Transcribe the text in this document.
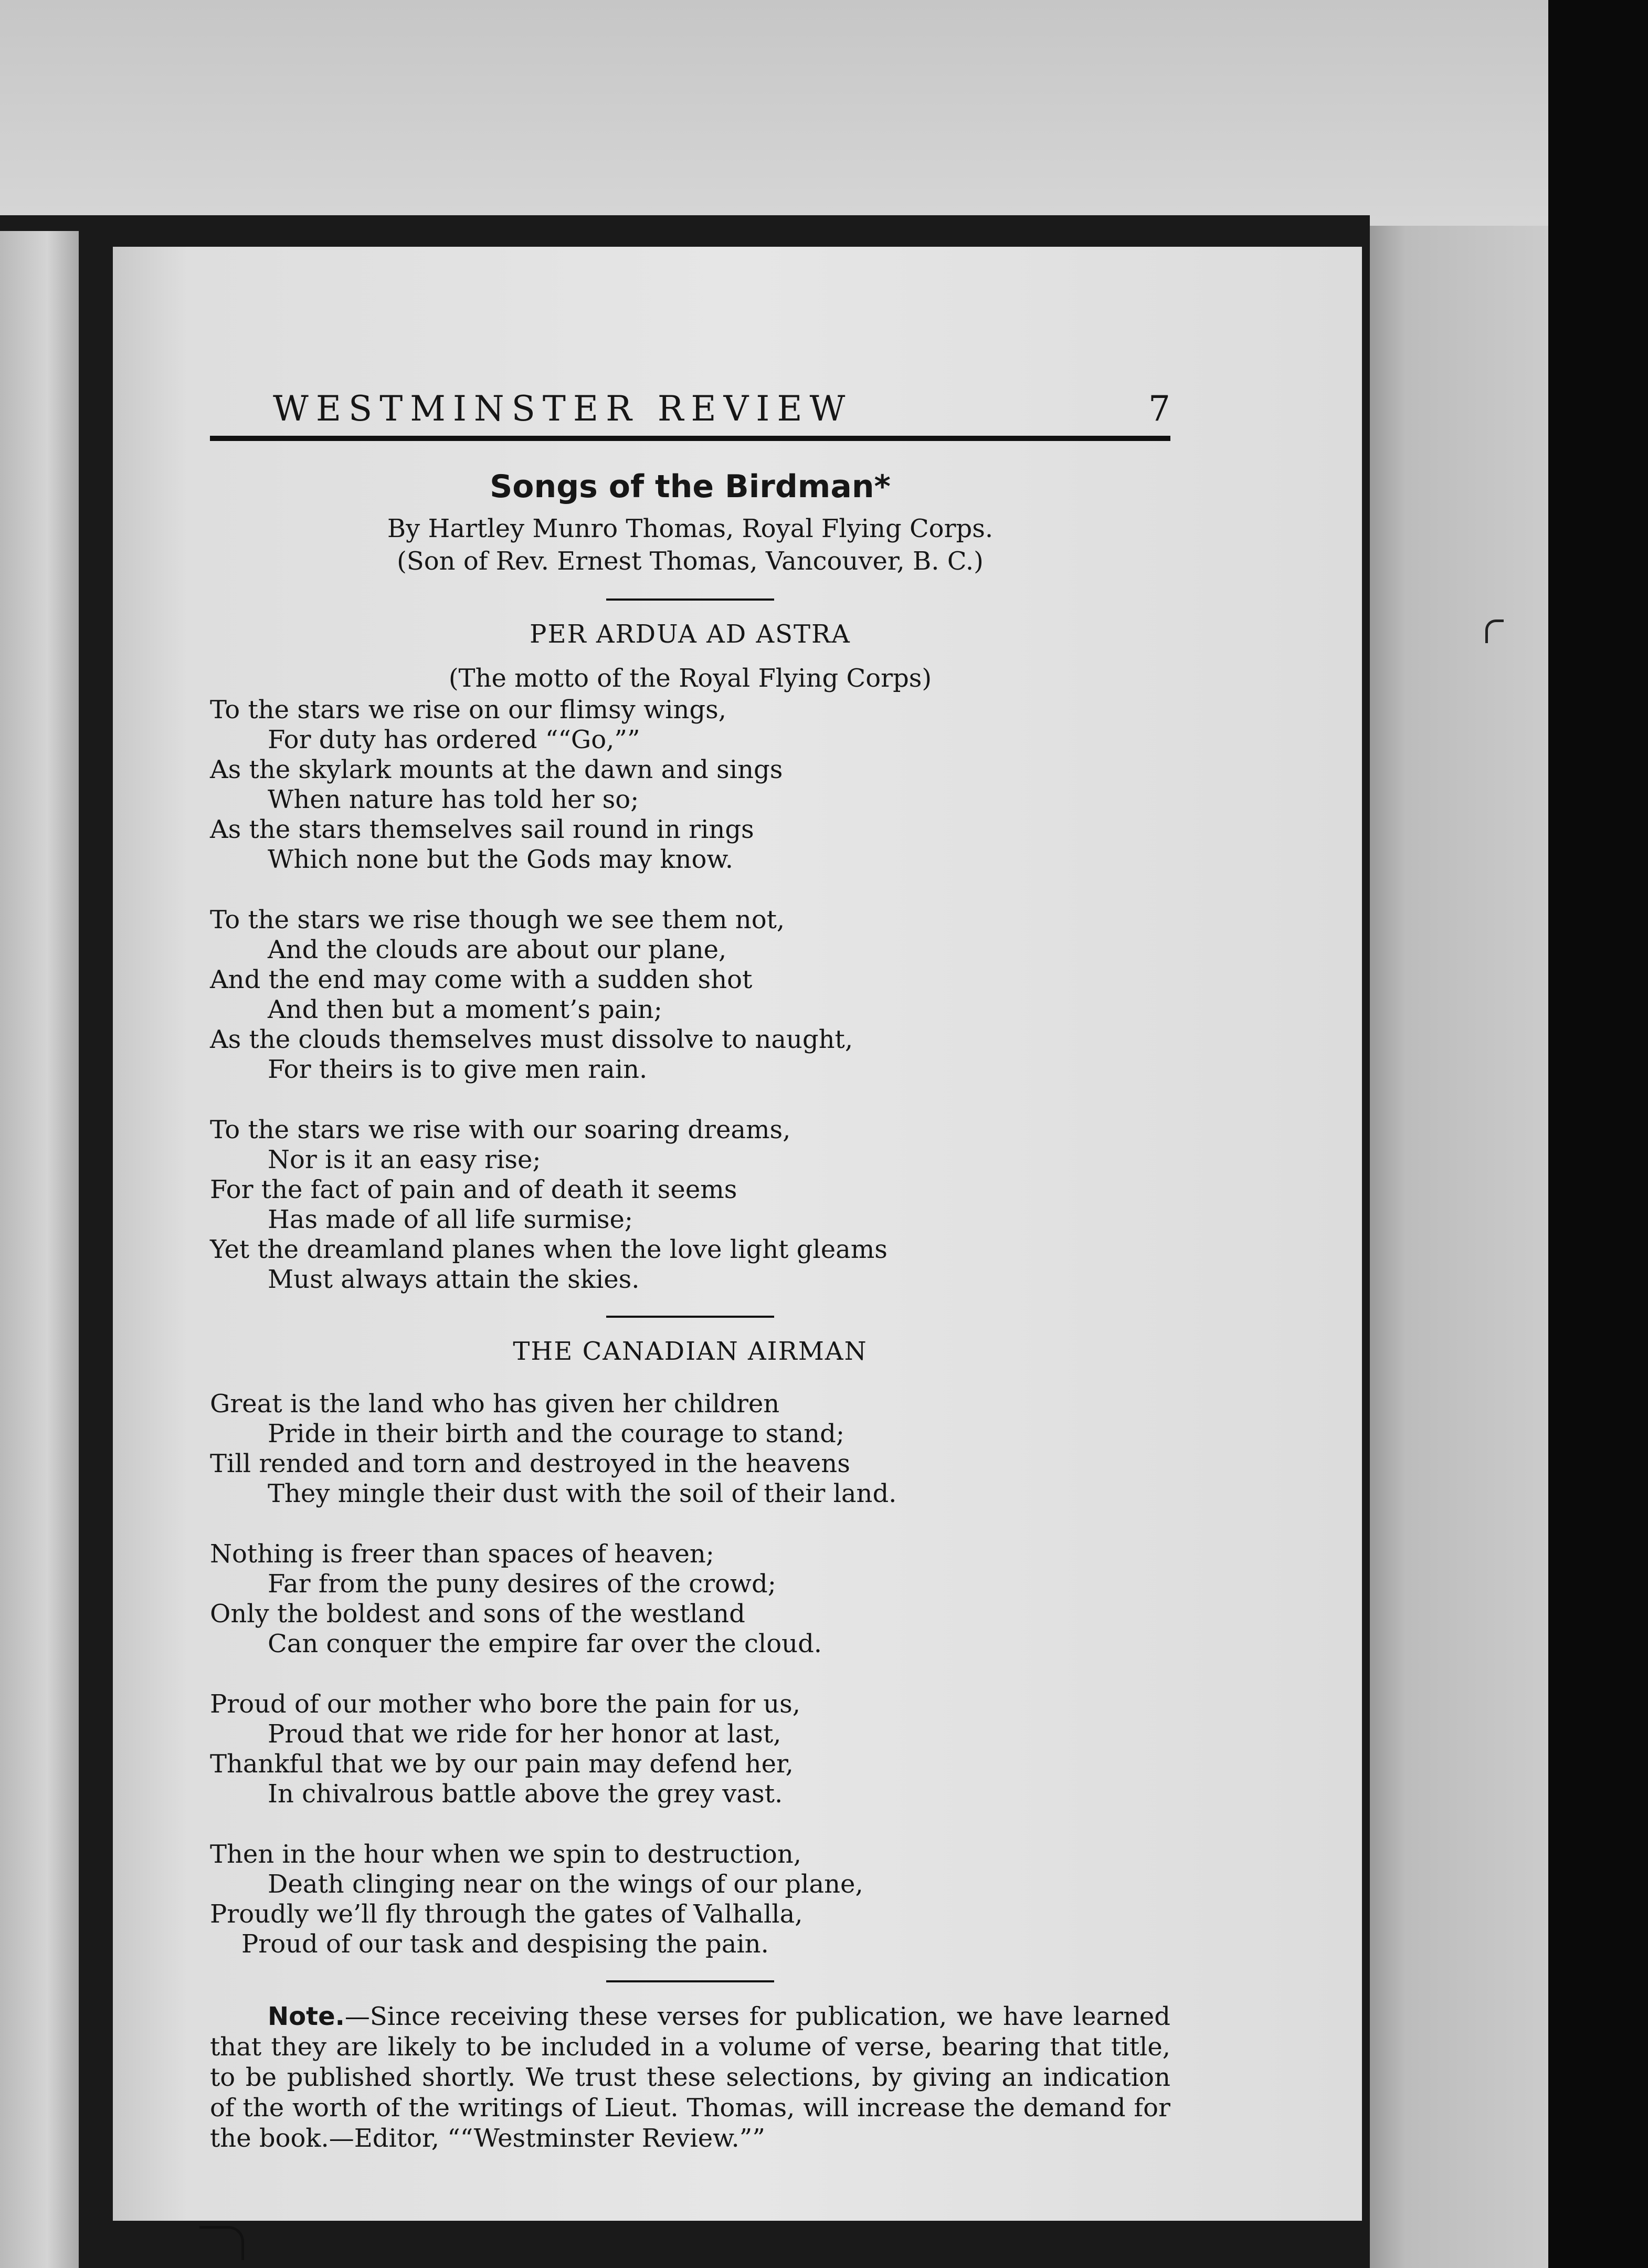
WESTMINSTER REVIEW	7
Songs of the Birdman*
By Hartley Munro Thomas, Royal Flying Corps.
(Son of Rev. Ernest Thomas, Vancouver, B. C.)
PER ARDUA AD ASTRA
(The motto of the Royal Flying Corps)
To the stars we rise on our flimsy wings,
For duty has ordered ““Go,””
As the skylark mounts at the dawn and sings
When nature has told her so;
As the stars themselves sail round in rings
Which none but the Gods may know.
To the stars we rise though we see them not,
And the clouds are about our plane,
And the end may come with a sudden shot
And then but a moment’s pain;
As the clouds themselves must dissolve to naught,
For theirs is to give men rain.
To the stars we rise with our soaring dreams,
Nor is it an easy rise;
For the fact of pain and of death it seems
Has made of all life surmise;
Yet the dreamland planes when the love light gleams
Must always attain the skies.
THE CANADIAN AIRMAN
Great is the land who has given her children
Pride in their birth and the courage to stand;
Till rended and torn and destroyed in the heavens
They mingle their dust with the soil of their land.
Nothing is freer than spaces of heaven;
Far from the puny desires of the crowd;
Only the boldest and sons of the westland
Can conquer the empire far over the cloud.
Proud of our mother who bore the pain for us,
Proud that we ride for her honor at last,
Thankful that we by our pain may defend her,
In chivalrous battle above the grey vast.
Then in the hour when we spin to destruction,
Death clinging near on the wings of our plane,
Proudly we’ll fly through the gates of Valhalla,
Proud of our task and despising the pain.
Note.—Since receiving these verses for publication, we have learned that they are likely to be included in a volume of verse, bearing that title, to be published shortly. We trust these selections, by giving an indication of the worth of the writings of Lieut. Thomas, will increase the demand for the book.—Editor, ““Westminster Review.””
